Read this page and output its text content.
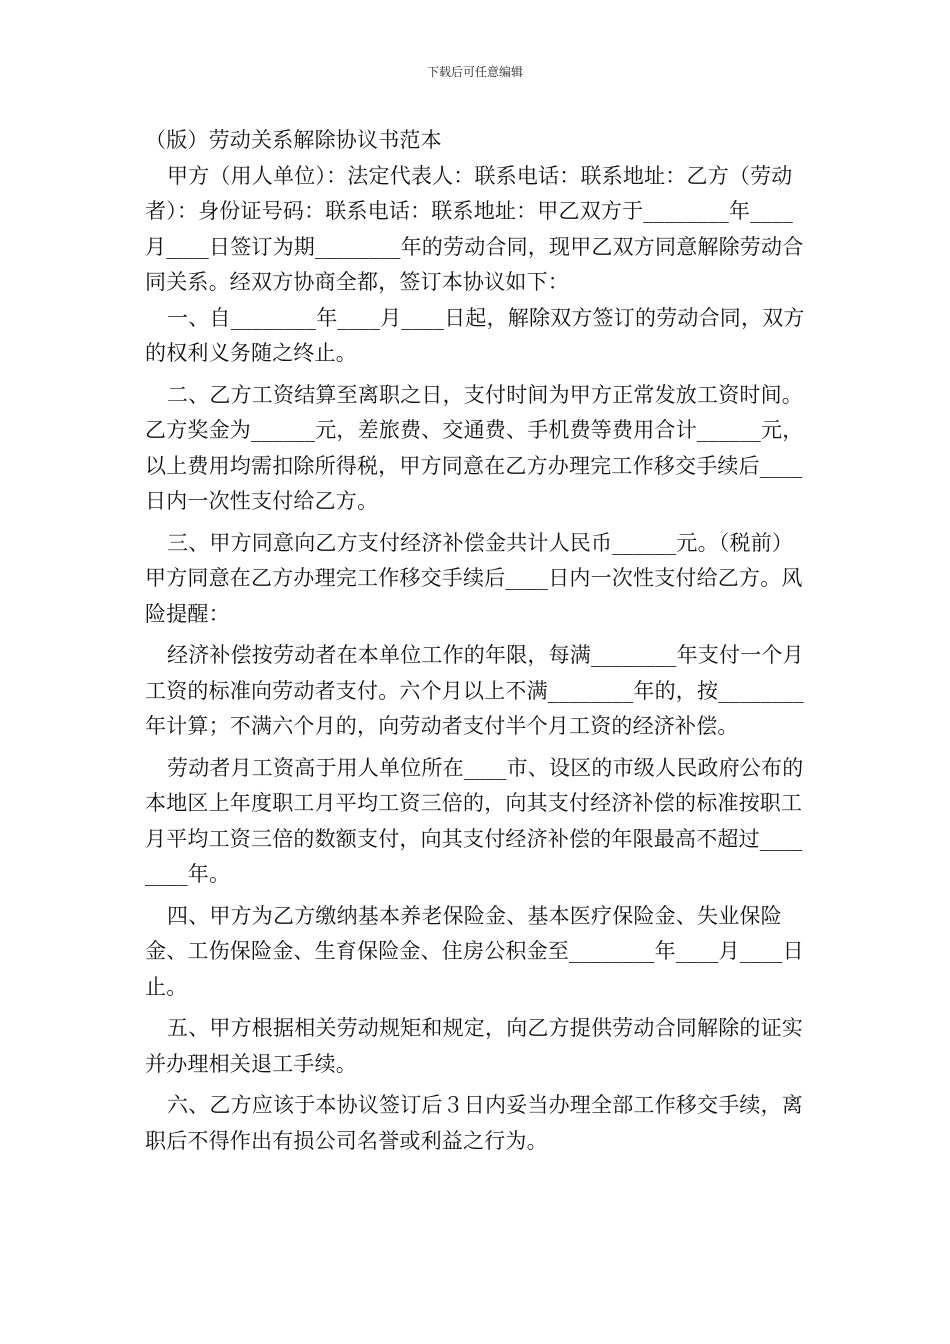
下载后可任意编辑

（版）劳动关系解除协议书范本

甲方（用人单位）：法定代表人：联系电话：联系地址：乙方（劳动者）：身份证号码：联系电话：联系地址：甲乙双方于________年____月____日签订为期________年的劳动合同，现甲乙双方同意解除劳动合同关系。经双方协商全都，签订本协议如下：

一、自________年____月____日起，解除双方签订的劳动合同，双方的权利义务随之终止。

二、乙方工资结算至离职之日，支付时间为甲方正常发放工资时间。乙方奖金为______元，差旅费、交通费、手机费等费用合计______元，以上费用均需扣除所得税，甲方同意在乙方办理完工作移交手续后____日内一次性支付给乙方。

三、甲方同意向乙方支付经济补偿金共计人民币______元。（税前）甲方同意在乙方办理完工作移交手续后____日内一次性支付给乙方。风险提醒：

经济补偿按劳动者在本单位工作的年限，每满________年支付一个月工资的标准向劳动者支付。六个月以上不满________年的，按________年计算；不满六个月的，向劳动者支付半个月工资的经济补偿。

劳动者月工资高于用人单位所在____市、设区的市级人民政府公布的本地区上年度职工月平均工资三倍的，向其支付经济补偿的标准按职工月平均工资三倍的数额支付，向其支付经济补偿的年限最高不超过________年。

四、甲方为乙方缴纳基本养老保险金、基本医疗保险金、失业保险金、工伤保险金、生育保险金、住房公积金至________年____月____日止。

五、甲方根据相关劳动规矩和规定，向乙方提供劳动合同解除的证实并办理相关退工手续。

六、乙方应该于本协议签订后３日内妥当办理全部工作移交手续，离职后不得作出有损公司名誉或利益之行为。
